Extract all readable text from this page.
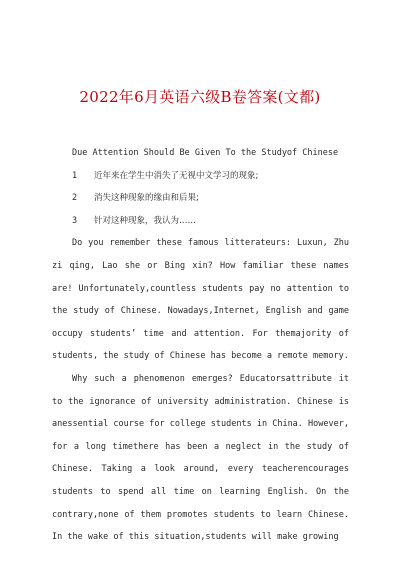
2022年6月英语六级B卷答案(文都)

Due Attention Should Be Given To the Studyof Chinese

1	近年来在学生中消失了无视中文学习的现象;

2	消失这种现象的缘由和后果;

3	针对这种现象，我认为……

Do you remember these famous litterateurs: Luxun, Zhu zi qing, Lao she or Bing xin? How familiar these names are! Unfortunately,countless students pay no attention to the study of Chinese. Nowadays,Internet, English and game occupy students’ time and attention. For themajority of students, the study of Chinese has become a remote memory.

Why such a phenomenon emerges? Educatorsattribute it to the ignorance of university administration. Chinese is anessential course for college students in China. However, for a long timethere has been a neglect in the study of Chinese. Taking a look around, every teacherencourages students to spend all time on learning English. On the contrary,none of them promotes students to learn Chinese. In the wake of this situation,students will make growing
